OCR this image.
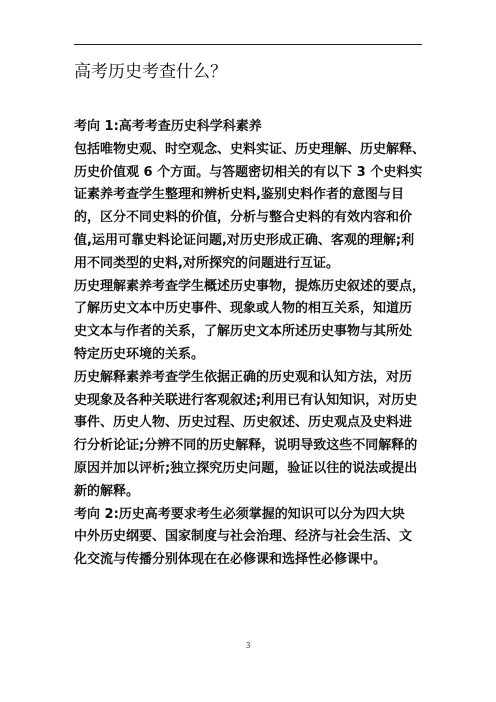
高考历史考查什么？
考向 1:高考考查历史科学科素养
包括唯物史观、时空观念、史料实证、历史理解、历史解释、
历史价值观 6 个方面。与答题密切相关的有以下 3 个史料实
证素养考查学生整理和辨析史料,鉴别史料作者的意图与目
的，区分不同史料的价值，分析与整合史料的有效内容和价
值,运用可靠史料论证问题,对历史形成正确、客观的理解;利
用不同类型的史料,对所探究的问题进行互证。
历史理解素养考查学生概述历史事物，提炼历史叙述的要点，
了解历史文本中历史事件、现象或人物的相互关系，知道历
史文本与作者的关系，了解历史文本所述历史事物与其所处
特定历史环境的关系。
历史解释素养考查学生依据正确的历史观和认知方法，对历
史现象及各种关联进行客观叙述;利用已有认知知识，对历史
事件、历史人物、历史过程、历史叙述、历史观点及史料进
行分析论证;分辨不同的历史解释，说明导致这些不同解释的
原因并加以评析;独立探究历史问题，验证以往的说法或提出
新的解释。
考向 2:历史高考要求考生必须掌握的知识可以分为四大块
中外历史纲要、国家制度与社会治理、经济与社会生活、文
化交流与传播分别体现在在必修课和选择性必修课中。
3
